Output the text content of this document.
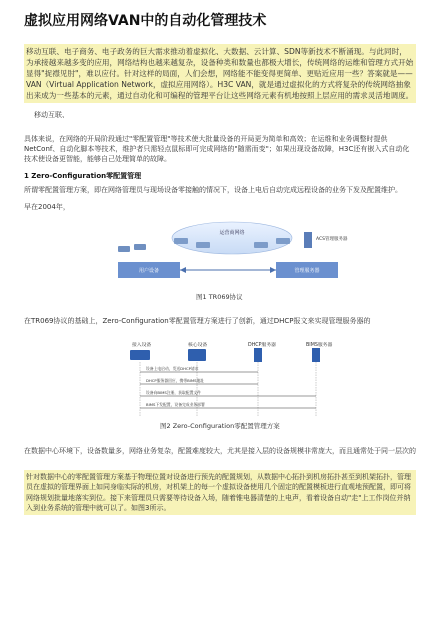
虚拟应用网络VAN中的自动化管理技术
移动互联、电子商务、电子政务的巨大需求推动着虚拟化、大数据、云计算、SDN等新技术不断涌现。与此同时，为承接越来越多变的应用，网络结构也越来越复杂，设备种类和数量也都极大增长，传统网络的运维和管理方式开始显得"捉襟见肘"，难以应付。针对这样的局面，人们会想，网络能不能变得更简单、更贴近应用一些？答案就是——VAN（Virtual Application Network，虚拟应用网络）。H3C VAN，就是通过虚拟化的方式将复杂的传统网络抽象出来成为一些基本的元素，通过自动化和可编程的管理平台让这些网络元素有机地按照上层应用的需求灵活地调度。
移动互联、
具体来说，在网络的开局阶段通过"零配置管理"等技术使大批量设备的开局更为简单和高效；在运维和业务调整时提供NetConf、自动化脚本等技术，维护者只需轻点鼠标即可完成网络的"随需而变"；如果出现设备故障，H3C还有嵌入式自动化技术使设备更智能，能够自己处理简单的故障。
1 Zero-Configuration零配置管理
所谓零配置管理方案，即在网络管理员与现场设备零接触的情况下，设备上电后自动完成远程设备的业务下发及配置维护。
早在2004年，
运营商网络
ACS管理服务器
用户设备	管理服务器
图1 TR069协议
在TR069协议的基础上，Zero-Configuration零配置管理方案进行了创新，通过DHCP报文来实现管理服务器的
接入设备	核心设备	DHCP服务器	BIMS服务器
设备上电启动，发送DHCP请求
DHCP服务器回应，携带BIMS地址
设备向BIMS注册，获取配置文件
BIMS下发配置，设备完成业务部署
图2 Zero-Configuration零配置管理方案
在数据中心环境下，设备数量多，网络业务复杂，配置难度较大，尤其是接入层的设备规模非常庞大，而且通常处于同一层次的
针对数据中心的零配置管理方案基于物理位置对设备进行预先的配置规划，从数据中心拓扑到机房拓扑甚至到机架拓扑，管理员在虚拟的管理界面上如同身临实际的机房，对机架上的每一个虚拟设备使用几个固定的配置模板进行直观地预配置，即可将网络规划批量地落实到位。接下来管理员只需要等待设备入场，随着锥电器清楚的上电声，看着设备自动"走"上工作岗位并纳入到业务系统的管理中就可以了。如图3所示。
